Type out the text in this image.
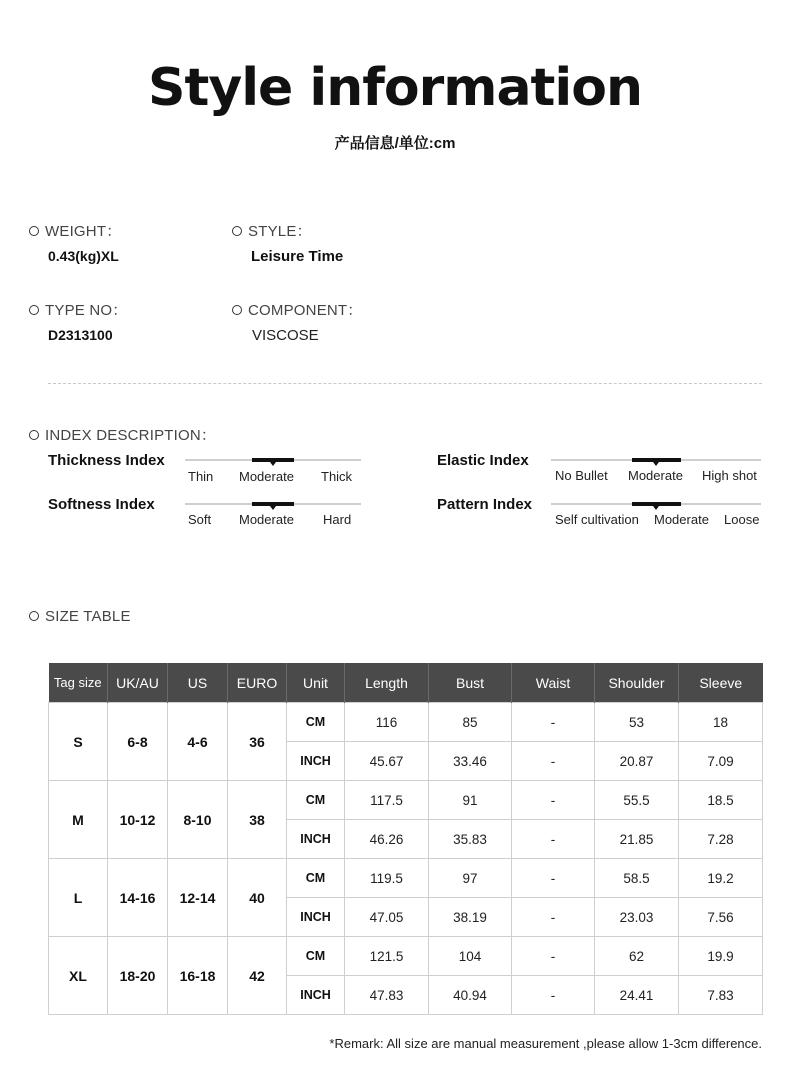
Style information
产品信息/单位:cm
WEIGHT：
0.43(kg)XL
STYLE：
Leisure Time
TYPE NO：
D2313100
COMPONENT：
VISCOSE
INDEX DESCRIPTION：
Thickness Index
Thin Moderate Thick
Elastic Index
No Bullet Moderate High shot
Softness Index
Soft Moderate Hard
Pattern Index
Self cultivation Moderate Loose
SIZE TABLE
Tag size	UK/AU	US	EURO	Unit	Length	Bust	Waist	Shoulder	Sleeve
S	6-8	4-6	36	CM	116	85	-	53	18
				INCH	45.67	33.46	-	20.87	7.09
M	10-12	8-10	38	CM	117.5	91	-	55.5	18.5
				INCH	46.26	35.83	-	21.85	7.28
L	14-16	12-14	40	CM	119.5	97	-	58.5	19.2
				INCH	47.05	38.19	-	23.03	7.56
XL	18-20	16-18	42	CM	121.5	104	-	62	19.9
				INCH	47.83	40.94	-	24.41	7.83
*Remark: All size are manual measurement ,please allow 1-3cm difference.
